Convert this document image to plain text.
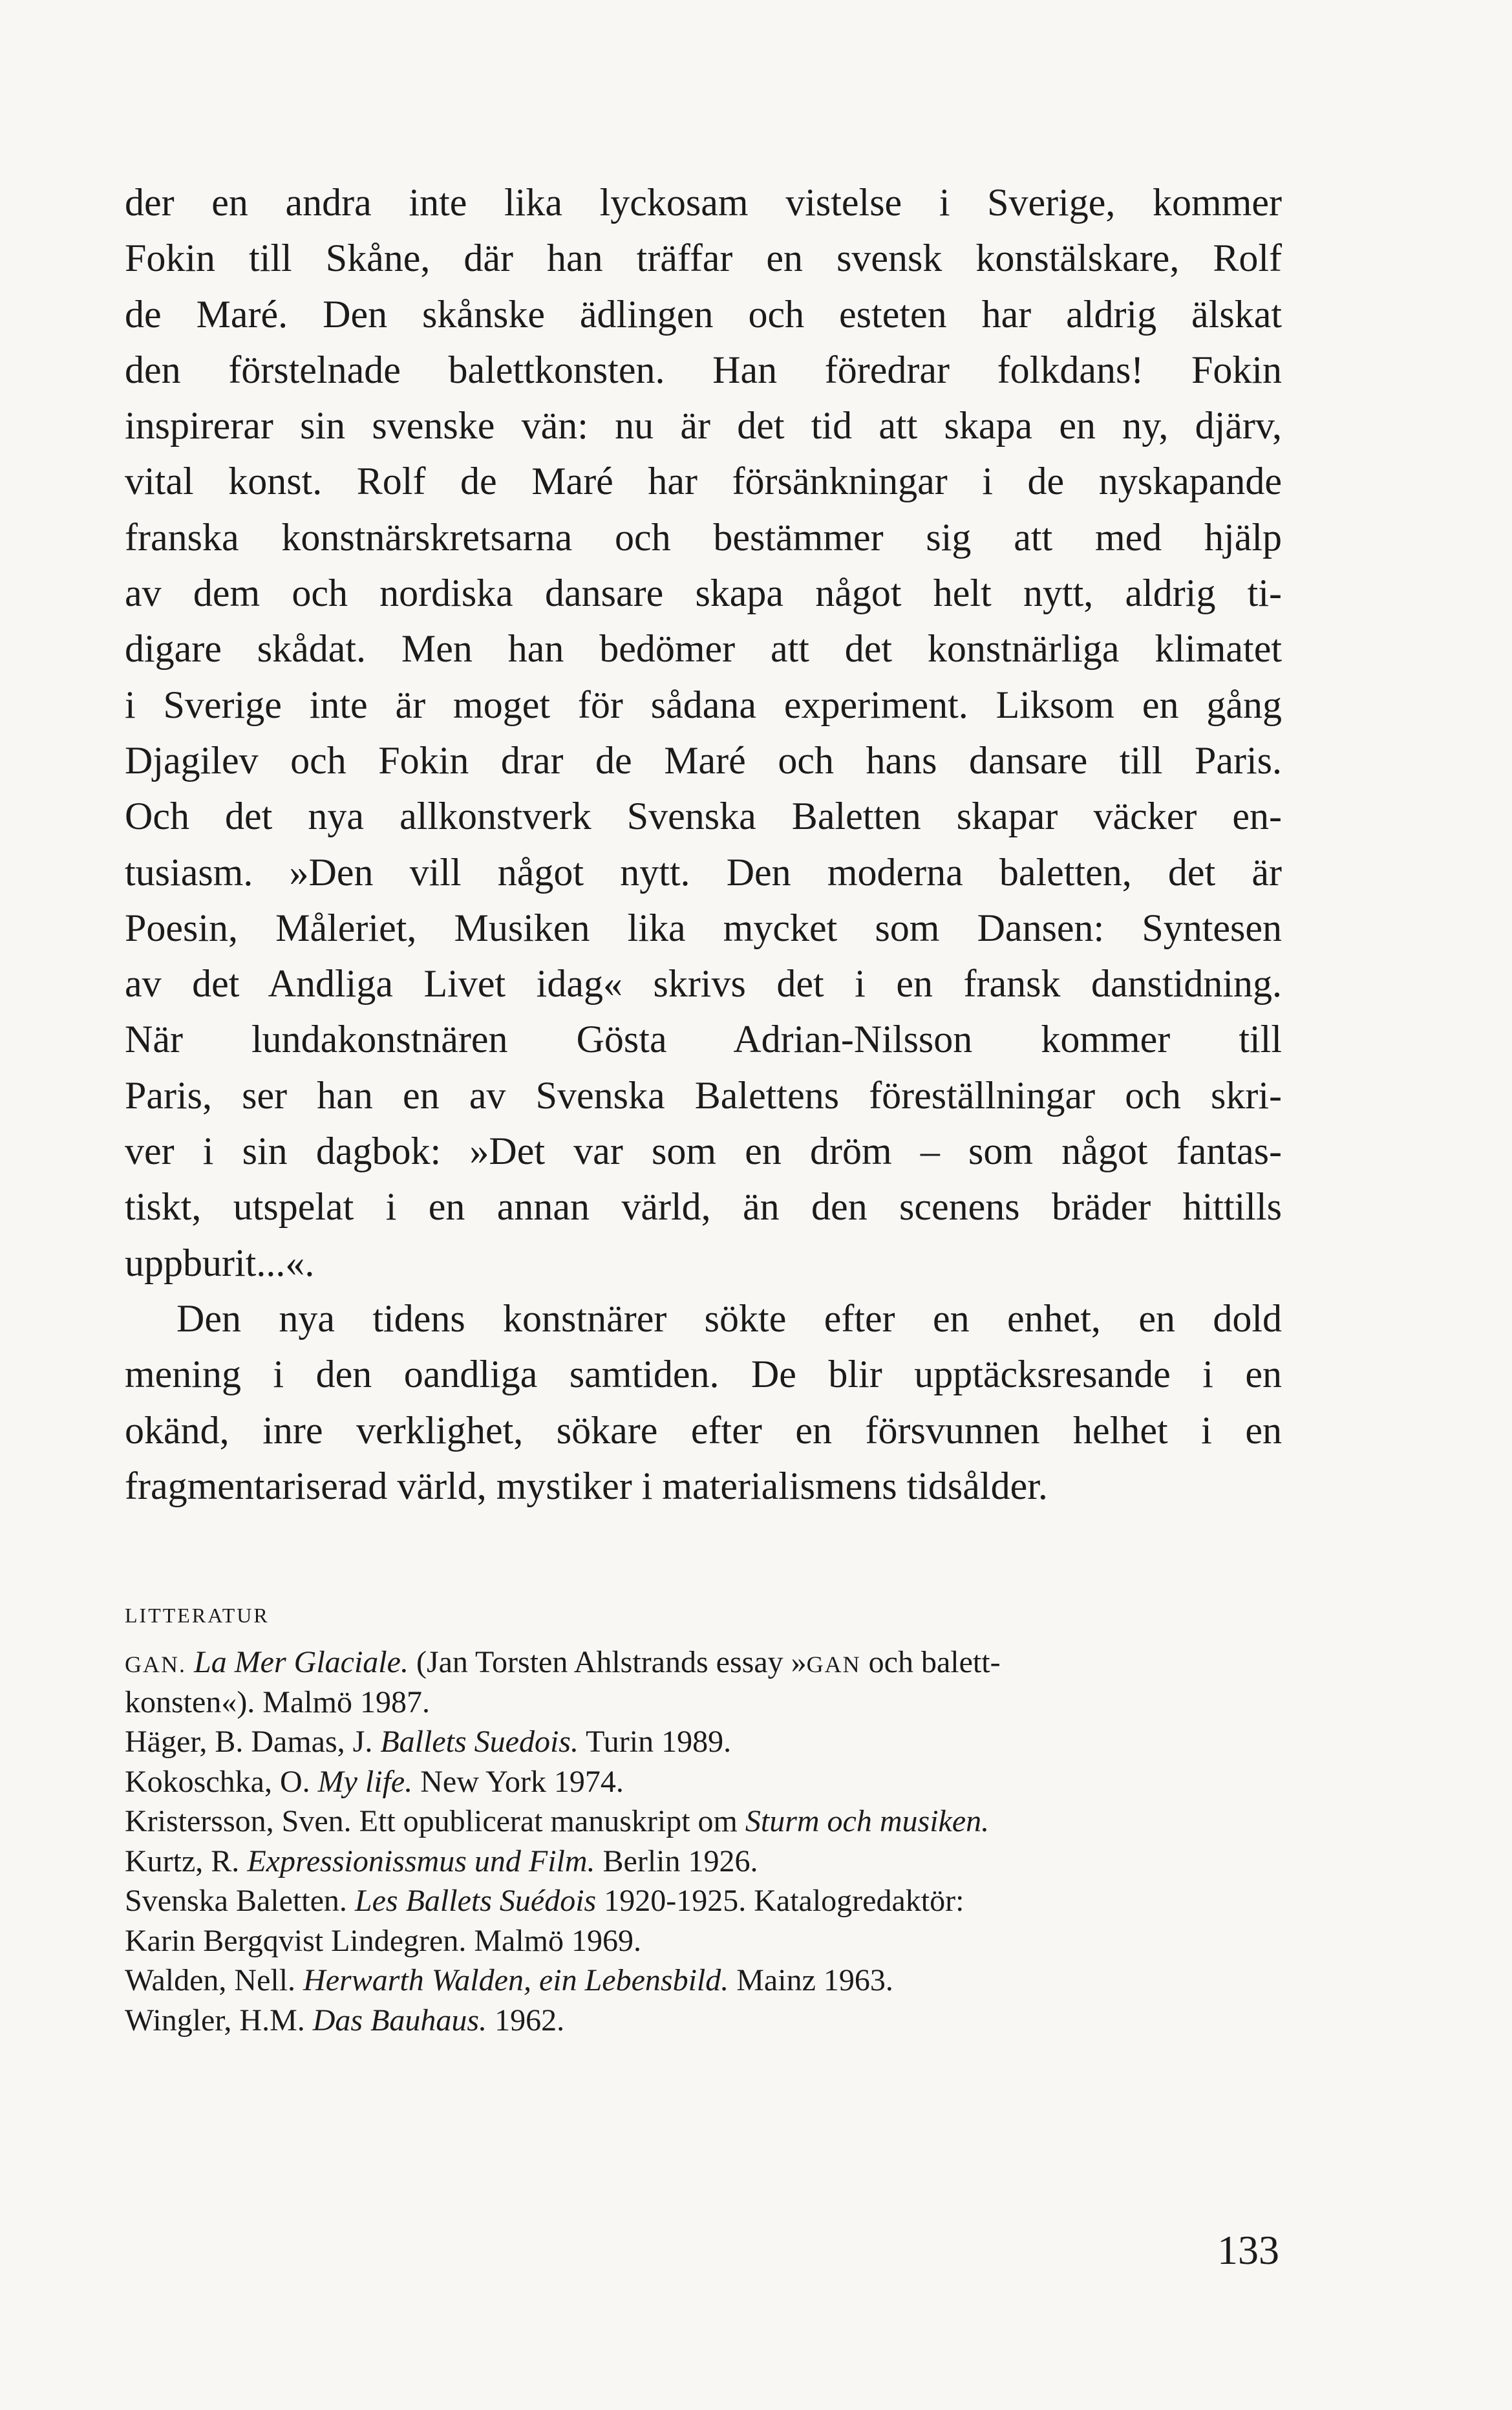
der en andra inte lika lyckosam vistelse i Sverige, kommer
Fokin till Skåne, där han träffar en svensk konstälskare, Rolf
de Maré. Den skånske ädlingen och esteten har aldrig älskat
den förstelnade balettkonsten. Han föredrar folkdans! Fokin
inspirerar sin svenske vän: nu är det tid att skapa en ny, djärv,
vital konst. Rolf de Maré har försänkningar i de nyskapande
franska konstnärskretsarna och bestämmer sig att med hjälp
av dem och nordiska dansare skapa något helt nytt, aldrig ti-
digare skådat. Men han bedömer att det konstnärliga klimatet
i Sverige inte är moget för sådana experiment. Liksom en gång
Djagilev och Fokin drar de Maré och hans dansare till Paris.
Och det nya allkonstverk Svenska Baletten skapar väcker en-
tusiasm. »Den vill något nytt. Den moderna baletten, det är
Poesin, Måleriet, Musiken lika mycket som Dansen: Syntesen
av det Andliga Livet idag« skrivs det i en fransk danstidning.
När lundakonstnären Gösta Adrian-Nilsson kommer till
Paris, ser han en av Svenska Balettens föreställningar och skri-
ver i sin dagbok: »Det var som en dröm – som något fantas-
tiskt, utspelat i en annan värld, än den scenens bräder hittills
uppburit...«.
Den nya tidens konstnärer sökte efter en enhet, en dold
mening i den oandliga samtiden. De blir upptäcksresande i en
okänd, inre verklighet, sökare efter en försvunnen helhet i en
fragmentariserad värld, mystiker i materialismens tidsålder.
LITTERATUR
GAN. La Mer Glaciale. (Jan Torsten Ahlstrands essay »GAN och balett-
konsten«). Malmö 1987.
Häger, B. Damas, J. Ballets Suedois. Turin 1989.
Kokoschka, O. My life. New York 1974.
Kristersson, Sven. Ett opublicerat manuskript om Sturm och musiken.
Kurtz, R. Expressionissmus und Film. Berlin 1926.
Svenska Baletten. Les Ballets Suédois 1920-1925. Katalogredaktör:
Karin Bergqvist Lindegren. Malmö 1969.
Walden, Nell. Herwarth Walden, ein Lebensbild. Mainz 1963.
Wingler, H.M. Das Bauhaus. 1962.
133
